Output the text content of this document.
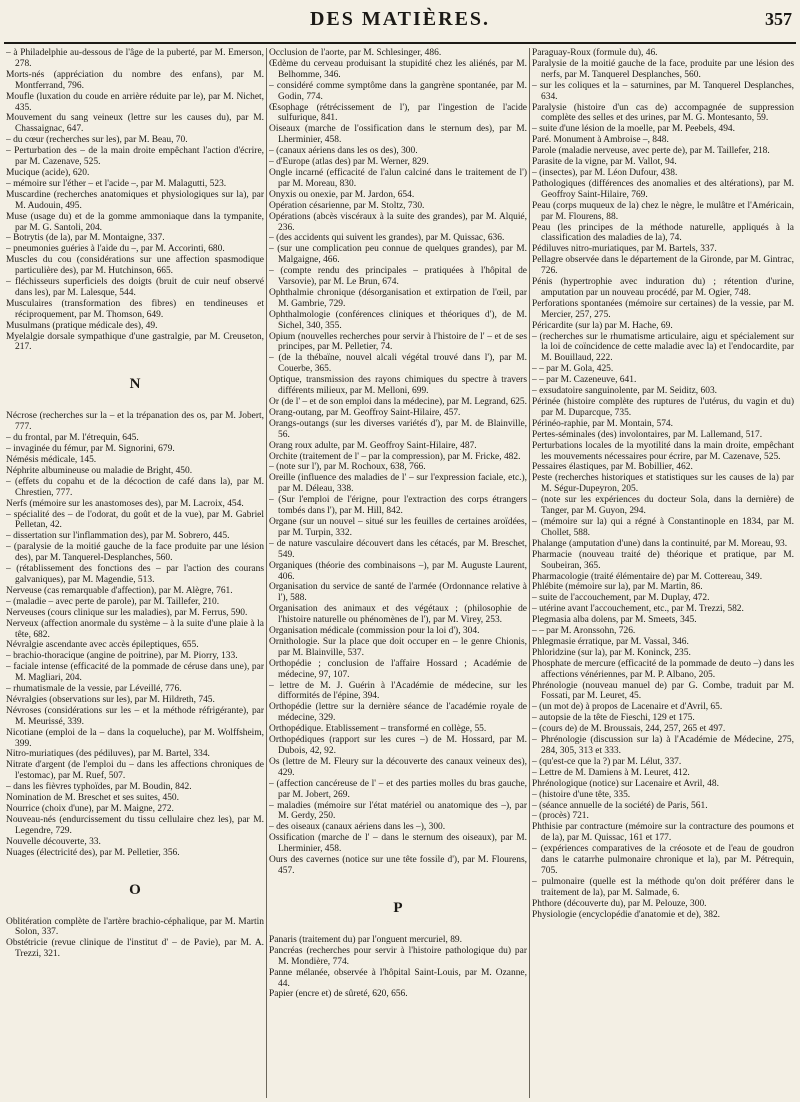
DES MATIÈRES.	357

– à Philadelphie au-dessous de l'âge de la puberté, par M. Emerson, 278.

Morts-nés (appréciation du nombre des enfans), par M. Montferrand, 796.

Moufle (luxation du coude en arrière réduite par le), par M. Nichet, 435.

Mouvement du sang veineux (lettre sur les causes du), par M. Chassaignac, 647.

– du cœur (recherches sur les), par M. Beau, 70.

– Perturbation des – de la main droite empêchant l'action d'écrire, par M. Cazenave, 525.

Mucique (acide), 620.

– mémoire sur l'éther – et l'acide –, par M. Malagutti, 523.

Muscardine (recherches anatomiques et physiologiques sur la), par M. Audouin, 495.

Muse (usage du) et de la gomme ammoniaque dans la tympanite, par M. G. Santoli, 204.

– Botrytis (de la), par M. Montaigne, 337.

– pneumonies guéries à l'aide du –, par M. Accorinti, 680.

Muscles du cou (considérations sur une affection spasmodique particulière des), par M. Hutchinson, 665.

– fléchisseurs superficiels des doigts (bruit de cuir neuf observé dans les), par M. Lalesque, 544.

Musculaires (transformation des fibres) en tendineuses et réciproquement, par M. Thomson, 649.

Musulmans (pratique médicale des), 49.

Myelalgie dorsale sympathique d'une gastralgie, par M. Creuseton, 217.

N

Nécrose (recherches sur la – et la trépanation des os, par M. Jobert, 777.

– du frontal, par M. l'étrequin, 645.

– invaginée du fémur, par M. Signorini, 679.

Némésis médicale, 145.

Néphrite albumineuse ou maladie de Bright, 450.

– (effets du copahu et de la décoction de café dans la), par M. Chrestien, 777.

Nerfs (mémoire sur les anastomoses des), par M. Lacroix, 454.

– spécialité des – de l'odorat, du goût et de la vue), par M. Gabriel Pelletan, 42.

– dissertation sur l'inflammation des), par M. Sobrero, 445.

– (paralysie de la moitié gauche de la face produite par une lésion des), par M. Tanquerel-Desplanches, 560.

– (rétablissement des fonctions des – par l'action des courans galvaniques), par M. Magendie, 513.

Nerveuse (cas remarquable d'affection), par M. Alègre, 761.

– (maladie – avec perte de parole), par M. Taillefer, 210.

Nerveuses (cours clinique sur les maladies), par M. Ferrus, 590.

Nerveux (affection anormale du système – à la suite d'une plaie à la tête, 682.

Névralgie ascendante avec accès épileptiques, 655.

– brachio-thoracique (angine de poitrine), par M. Piorry, 133.

– faciale intense (efficacité de la pommade de céruse dans une), par M. Magliari, 204.

– rhumatismale de la vessie, par Léveillé, 776.

Névralgies (observations sur les), par M. Hildreth, 745.

Névroses (considérations sur les – et la méthode réfrigérante), par M. Meurissé, 339.

Nicotiane (emploi de la – dans la coqueluche), par M. Wolffsheim, 399.

Nitro-muriatiques (des pédiluves), par M. Bartel, 334.

Nitrate d'argent (de l'emploi du – dans les affections chroniques de l'estomac), par M. Ruef, 507.

– dans les fièvres typhoïdes, par M. Boudin, 842.

Nomination de M. Breschet et ses suites, 450.

Nourrice (choix d'une), par M. Maigne, 272.

Nouveau-nés (endurcissement du tissu cellulaire chez les), par M. Legendre, 729.

Nouvelle découverte, 33.

Nuages (électricité des), par M. Pelletier, 356.

O

Oblitération complète de l'artère brachio-céphalique, par M. Martin Solon, 337.

Obstétricie (revue clinique de l'institut d' – de Pavie), par M. A. Trezzi, 321.

Occlusion de l'aorte, par M. Schlesinger, 486.

Œdème du cerveau produisant la stupidité chez les aliénés, par M. Belhomme, 346.

– considéré comme symptôme dans la gangrène spontanée, par M. Godin, 774.

Œsophage (rétrécissement de l'), par l'ingestion de l'acide sulfurique, 841.

Oiseaux (marche de l'ossification dans le sternum des), par M. Lherminier, 458.

– (canaux aériens dans les os des), 300.

– d'Europe (atlas des) par M. Werner, 829.

Ongle incarné (efficacité de l'alun calciné dans le traitement de l') par M. Moreau, 830.

Onyxis ou onexie, par M. Jardon, 654.

Opération césarienne, par M. Stoltz, 730.

Opérations (abcès viscéraux à la suite des grandes), par M. Alquié, 236.

– (des accidents qui suivent les grandes), par M. Quissac, 636.

– (sur une complication peu connue de quelques grandes), par M. Malgaigne, 466.

– (compte rendu des principales – pratiquées à l'hôpital de Varsovie), par M. Le Brun, 674.

Ophthalmie chronique (désorganisation et extirpation de l'œil, par M. Gambrie, 729.

Ophthalmologie (conférences cliniques et théoriques d'), de M. Sichel, 340, 355.

Opium (nouvelles recherches pour servir à l'histoire de l' – et de ses principes, par M. Pelletier, 74.

– (de la thébaïne, nouvel alcali végétal trouvé dans l'), par M. Couerbe, 365.

Optique, transmission des rayons chimiques du spectre à travers différents milieux, par M. Melloni, 699.

Or (de l' – et de son emploi dans la médecine), par M. Legrand, 625.

Orang-outang, par M. Geoffroy Saint-Hilaire, 457.

Orangs-outangs (sur les diverses variétés d'), par M. de Blainville, 56.

Orang roux adulte, par M. Geoffroy Saint-Hilaire, 487.

Orchite (traitement de l' – par la compression), par M. Fricke, 482.

– (note sur l'), par M. Rochoux, 638, 766.

Oreille (influence des maladies de l' – sur l'expression faciale, etc.), par M. Déleau, 338.

– (Sur l'emploi de l'érigne, pour l'extraction des corps étrangers tombés dans l'), par M. Hill, 842.

Organe (sur un nouvel – situé sur les feuilles de certaines aroïdées, par M. Turpin, 332.

– de nature vasculaire découvert dans les cétacés, par M. Breschet, 549.

Organiques (théorie des combinaisons –), par M. Auguste Laurent, 406.

Organisation du service de santé de l'armée (Ordonnance relative à l'), 588.

Organisation des animaux et des végétaux ; (philosophie de l'histoire naturelle ou phénomènes de l'), par M. Virey, 253.

Organisation médicale (commission pour la loi d'), 304.

Ornithologie. Sur la place que doit occuper en – le genre Chionis, par M. Blainville, 537.

Orthopédie ; conclusion de l'affaire Hossard ; Académie de médecine, 97, 107.

– lettre de M. J. Guérin à l'Académie de médecine, sur les difformités de l'épine, 394.

Orthopédie (lettre sur la dernière séance de l'académie royale de médecine, 329.

Orthopédique. Etablissement – transformé en collège, 55.

Orthopédiques (rapport sur les cures –) de M. Hossard, par M. Dubois, 42, 92.

Os (lettre de M. Fleury sur la découverte des canaux veineux des), 429.

– (affection cancéreuse de l' – et des parties molles du bras gauche, par M. Jobert, 269.

– maladies (mémoire sur l'état matériel ou anatomique des –), par M. Gerdy, 250.

– des oiseaux (canaux aériens dans les –), 300.

Ossification (marche de l' – dans le sternum des oiseaux), par M. Lherminier, 458.

Ours des cavernes (notice sur une tête fossile d'), par M. Flourens, 457.

P

Panaris (traitement du) par l'onguent mercuriel, 89.

Pancréas (recherches pour servir à l'histoire pathologique du) par M. Mondière, 774.

Panne mélanée, observée à l'hôpital Saint-Louis, par M. Ozanne, 44.

Papier (encre et) de sûreté, 620, 656.

Paraguay-Roux (formule du), 46.

Paralysie de la moitié gauche de la face, produite par une lésion des nerfs, par M. Tanquerel Desplanches, 560.

– sur les coliques et la – saturnines, par M. Tanquerel Desplanches, 634.

Paralysie (histoire d'un cas de) accompagnée de suppression complète des selles et des urines, par M. G. Montesanto, 59.

– suite d'une lésion de la moelle, par M. Peebels, 494.

Paré. Monument à Ambroise –, 848.

Parole (maladie nerveuse, avec perte de), par M. Taillefer, 218.

Parasite de la vigne, par M. Vallot, 94.

– (insectes), par M. Léon Dufour, 438.

Pathologiques (différences des anomalies et des altérations), par M. Geoffroy Saint-Hilaire, 769.

Peau (corps muqueux de la) chez le nègre, le mulâtre et l'Américain, par M. Flourens, 88.

Peau (les principes de la méthode naturelle, appliqués à la classification des maladies de la), 74.

Pédiluves nitro-muriatiques, par M. Bartels, 337.

Pellagre observée dans le département de la Gironde, par M. Gintrac, 726.

Pénis (hypertrophie avec induration du) ; rétention d'urine, amputation par un nouveau procédé, par M. Ogier, 748.

Perforations spontanées (mémoire sur certaines) de la vessie, par M. Mercier, 257, 275.

Péricardite (sur la) par M. Hache, 69.

– (recherches sur le rhumatisme articulaire, aigu et spécialement sur la loi de coïncidence de cette maladie avec la) et l'endocardite, par M. Bouillaud, 222.

– – par M. Gola, 425.

– – par M. Cazeneuve, 641.

– exsudatoire sanguinolente, par M. Seiditz, 603.

Périnée (histoire complète des ruptures de l'utérus, du vagin et du) par M. Duparcque, 735.

Périnéo-raphie, par M. Montain, 574.

Pertes-séminales (des) involontaires, par M. Lallemand, 517.

Perturbations locales de la myotilité dans la main droite, empêchant les mouvements nécessaires pour écrire, par M. Cazenave, 525.

Pessaires élastiques, par M. Bobillier, 462.

Peste (recherches historiques et statistiques sur les causes de la) par M. Ségur-Dupeyron, 205.

– (note sur les expériences du docteur Sola, dans la dernière) de Tanger, par M. Guyon, 294.

– (mémoire sur la) qui a régné à Constantinople en 1834, par M. Chollet, 588.

Phalange (amputation d'une) dans la continuité, par M. Moreau, 93.

Pharmacie (nouveau traité de) théorique et pratique, par M. Soubeiran, 365.

Pharmacologie (traité élémentaire de) par M. Cottereau, 349.

Phlébite (mémoire sur la), par M. Martin, 86.

– suite de l'accouchement, par M. Duplay, 472.

– utérine avant l'accouchement, etc., par M. Trezzi, 582.

Plegmasia alba dolens, par M. Smeets, 345.

– – par M. Aronssohn, 726.

Phlegmasie érratique, par M. Vassal, 346.

Phloridzine (sur la), par M. Koninck, 235.

Phosphate de mercure (efficacité de la pommade de deuto –) dans les affections vénériennes, par M. P. Albano, 205.

Phrénologie (nouveau manuel de) par G. Combe, traduit par M. Fossati, par M. Leuret, 45.

– (un mot de) à propos de Lacenaire et d'Avril, 65.

– autopsie de la tête de Fieschi, 129 et 175.

– (cours de) de M. Broussais, 244, 257, 265 et 497.

– Phrénologie (discussion sur la) à l'Académie de Médecine, 275, 284, 305, 313 et 333.

– (qu'est-ce que la ?) par M. Lélut, 337.

– Lettre de M. Damiens à M. Leuret, 412.

Phrénologique (notice) sur Lacenaire et Avril, 48.

– (histoire d'une tête, 335.

– (séance annuelle de la société) de Paris, 561.

– (procès) 721.

Phthisie par contracture (mémoire sur la contracture des poumons et de la), par M. Quissac, 161 et 177.

– (expériences comparatives de la créosote et de l'eau de goudron dans le catarrhe pulmonaire chronique et la), par M. Pétrequin, 705.

– pulmonaire (quelle est la méthode qu'on doit préférer dans le traitement de la), par M. Salmade, 6.

Phthore (découverte du), par M. Pelouze, 300.

Physiologie (encyclopédie d'anatomie et de), 382.
